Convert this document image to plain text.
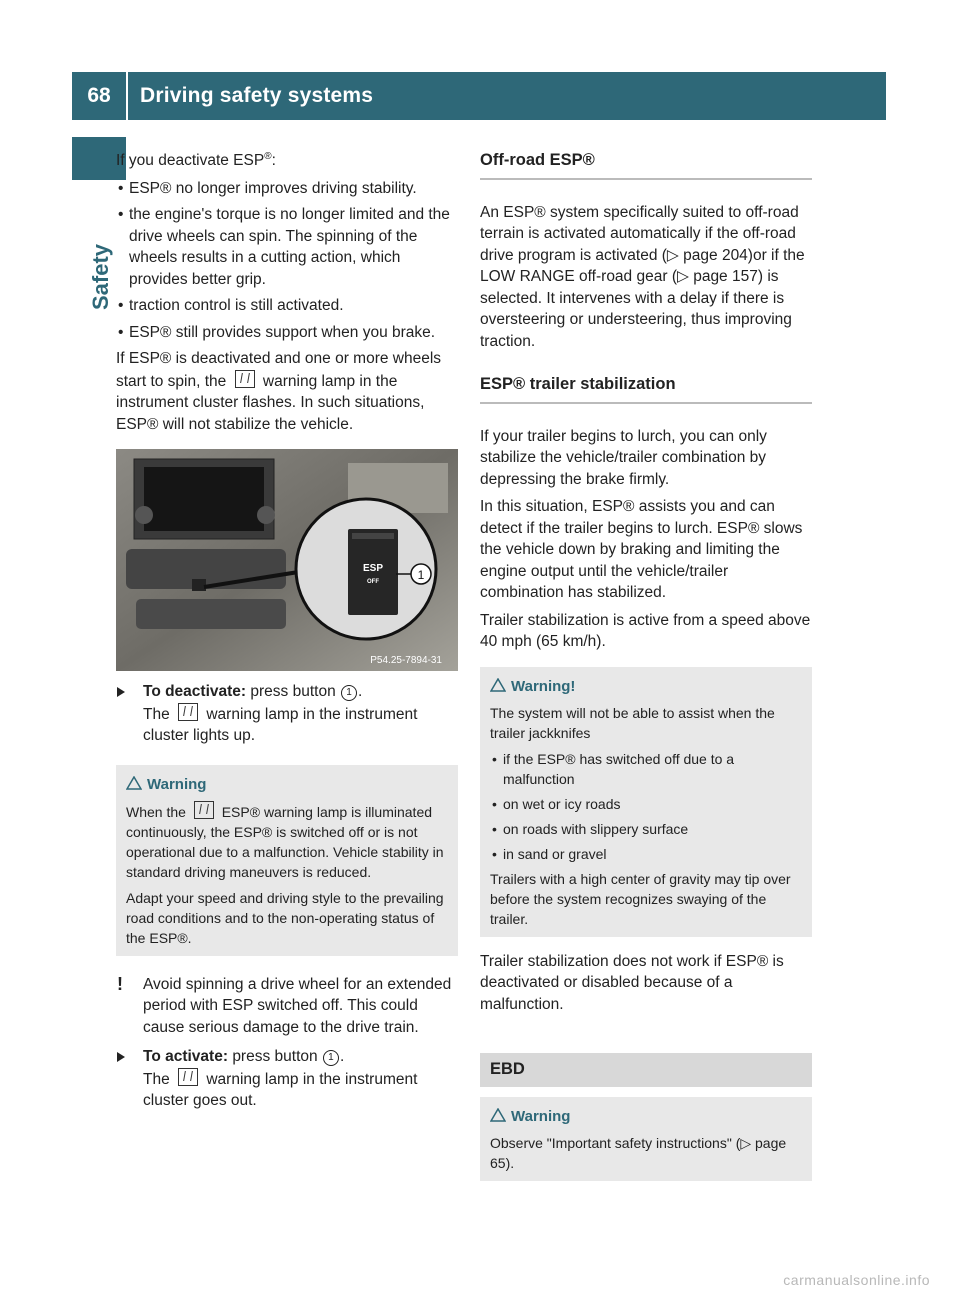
68	Driving safety systems
Safety

If you deactivate ESP®:

• ESP® no longer improves driving stability.
• the engine's torque is no longer limited and the drive wheels can spin. The spinning of the wheels results in a cutting action, which provides better grip.
• traction control is still activated.
• ESP® still provides support when you brake.

If ESP® is deactivated and one or more wheels start to spin, the warning lamp in the instrument cluster flashes. In such situations, ESP® will not stabilize the vehicle.

ESP
OFF	1
P54.25-7894-31
To deactivate: press button 1 .
The warning lamp in the instrument cluster lights up.
Warning

When the	ESP® warning lamp is illuminated continuously, the ESP® is switched off or is not operational due to a malfunction. Vehicle stability in standard driving maneuvers is reduced.

Adapt your speed and driving style to the prevailing road conditions and to the non-operating status of the ESP®.

! Avoid spinning a drive wheel for an extended period with ESP switched off. This could cause serious damage to the drive train.
To activate: press button 1 .
The warning lamp in the instrument cluster goes out.
Off-road ESP®

An ESP® system specifically suited to off-road terrain is activated automatically if the off-road drive program is activated (▷ page 204)or if the LOW RANGE off-road gear (▷ page 157) is selected. It intervenes with a delay if there is oversteering or understeering, thus improving traction.

ESP® trailer stabilization

If your trailer begins to lurch, you can only stabilize the vehicle/trailer combination by depressing the brake firmly.

In this situation, ESP® assists you and can detect if the trailer begins to lurch. ESP® slows the vehicle down by braking and limiting the engine output until the vehicle/trailer combination has stabilized.

Trailer stabilization is active from a speed above 40 mph (65 km/h).

Warning!

The system will not be able to assist when the trailer jackknifes

• if the ESP® has switched off due to a malfunction
• on wet or icy roads
• on roads with slippery surface
• in sand or gravel

Trailers with a high center of gravity may tip over before the system recognizes swaying of the trailer.

Trailer stabilization does not work if ESP® is deactivated or disabled because of a malfunction.

EBD
Warning

Observe "Important safety instructions" (▷ page 65).

carmanualsonline.info
